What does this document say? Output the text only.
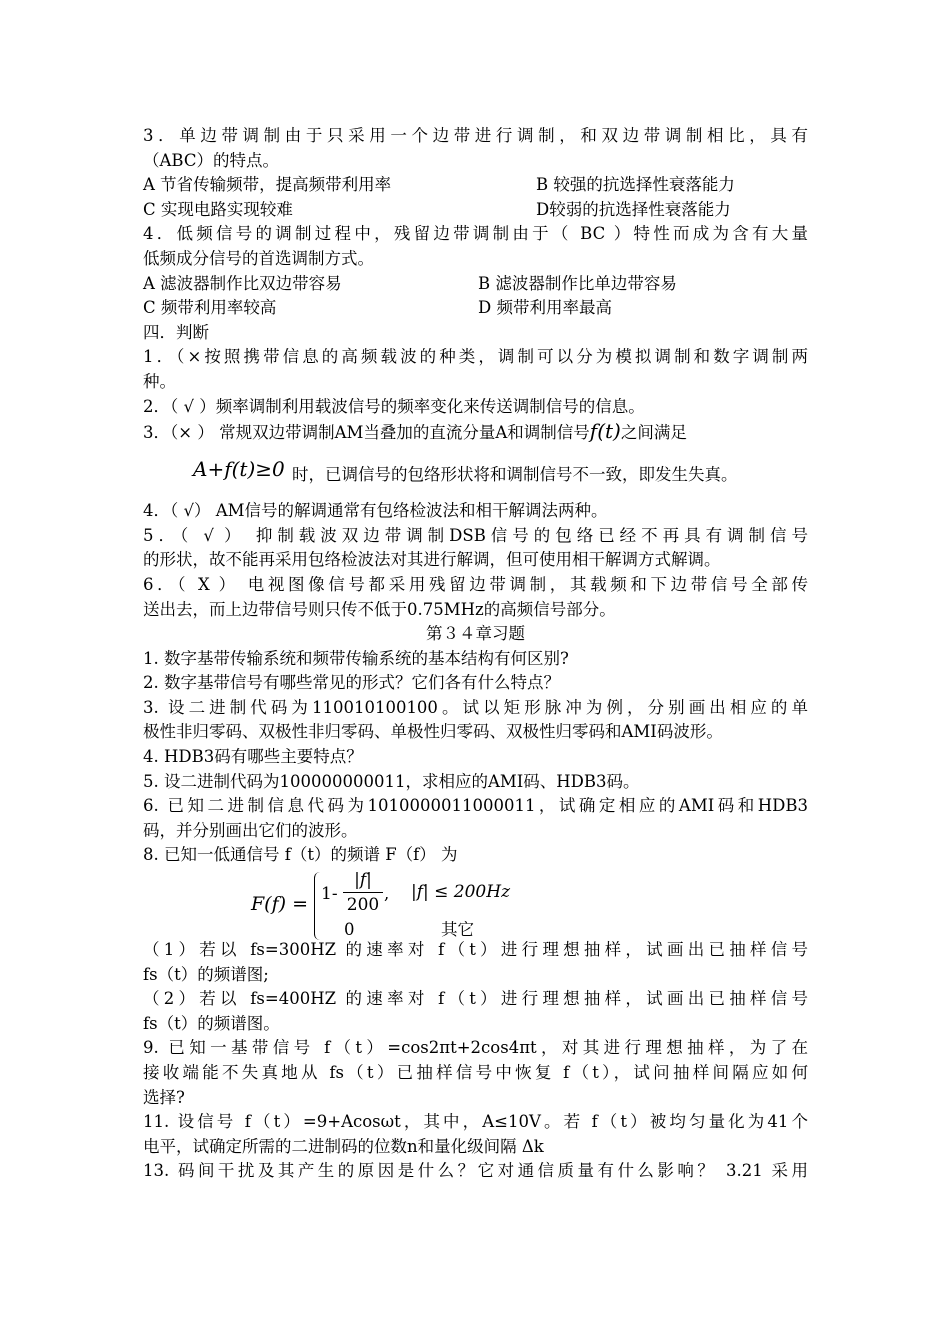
3．单边带调制由于只采用一个边带进行调制，和双边带调制相比，具有
（ABC）的特点。
A 节省传输频带，提高频带利用率	B 较强的抗选择性衰落能力
C 实现电路实现较难	D较弱的抗选择性衰落能力
4．低频信号的调制过程中，残留边带调制由于（ BC ）特性而成为含有大量
低频成分信号的首选调制方式。
A 滤波器制作比双边带容易	B 滤波器制作比单边带容易
C 频带利用率较高	D 频带利用率最高
四．判断
1．（×按照携带信息的高频载波的种类，调制可以分为模拟调制和数字调制两
种。
2．（ √ ）频率调制利用载波信号的频率变化来传送调制信号的信息。
3．（× ） 常规双边带调制AM当叠加的直流分量A和调制信号f(t)之间满足
A+f(t)≥0 时，已调信号的包络形状将和调制信号不一致，即发生失真。
4．（ √） AM信号的解调通常有包络检波法和相干解调法两种。
5．（ √ ） 抑制载波双边带调制DSB信号的包络已经不再具有调制信号
的形状，故不能再采用包络检波法对其进行解调，但可使用相干解调方式解调。
6．（ X ） 电视图像信号都采用残留边带调制，其载频和下边带信号全部传
送出去，而上边带信号则只传不低于0.75MHz的高频信号部分。
第３４章习题
1. 数字基带传输系统和频带传输系统的基本结构有何区别?
2. 数字基带信号有哪些常见的形式？它们各有什么特点？
3. 设二进制代码为110010100100。试以矩形脉冲为例，分别画出相应的单
极性非归零码、双极性非归零码、单极性归零码、双极性归零码和AMI码波形。
4. HDB3码有哪些主要特点？
5. 设二进制代码为100000000011，求相应的AMI码、HDB3码。
6. 已知二进制信息代码为1010000011000011，试确定相应的AMI码和HDB3
码，并分别画出它们的波形。
8. 已知一低通信号 f（t）的频谱 F（f） 为
$F(f) = 1- \frac{|f|}{200}$ , |f| ≤ 200Hz
0	其它
（1）若以 fs=300HZ 的速率对 f（t）进行理想抽样，试画出已抽样信号
fs（t）的频谱图;
（2）若以 fs=400HZ 的速率对 f（t）进行理想抽样，试画出已抽样信号
fs（t）的频谱图。
9. 已知一基带信号 f（t）=cos2πt+2cos4πt，对其进行理想抽样，为了在
接收端能不失真地从 fs（t）已抽样信号中恢复 f（t），试问抽样间隔应如何
选择?
11. 设信号 f（t）=9+Acosωt，其中，A≤10V。若 f（t）被均匀量化为41个
电平，试确定所需的二进制码的位数n和量化级间隔 Δk
13. 码间干扰及其产生的原因是什么？它对通信质量有什么影响？ 3.21 采用
